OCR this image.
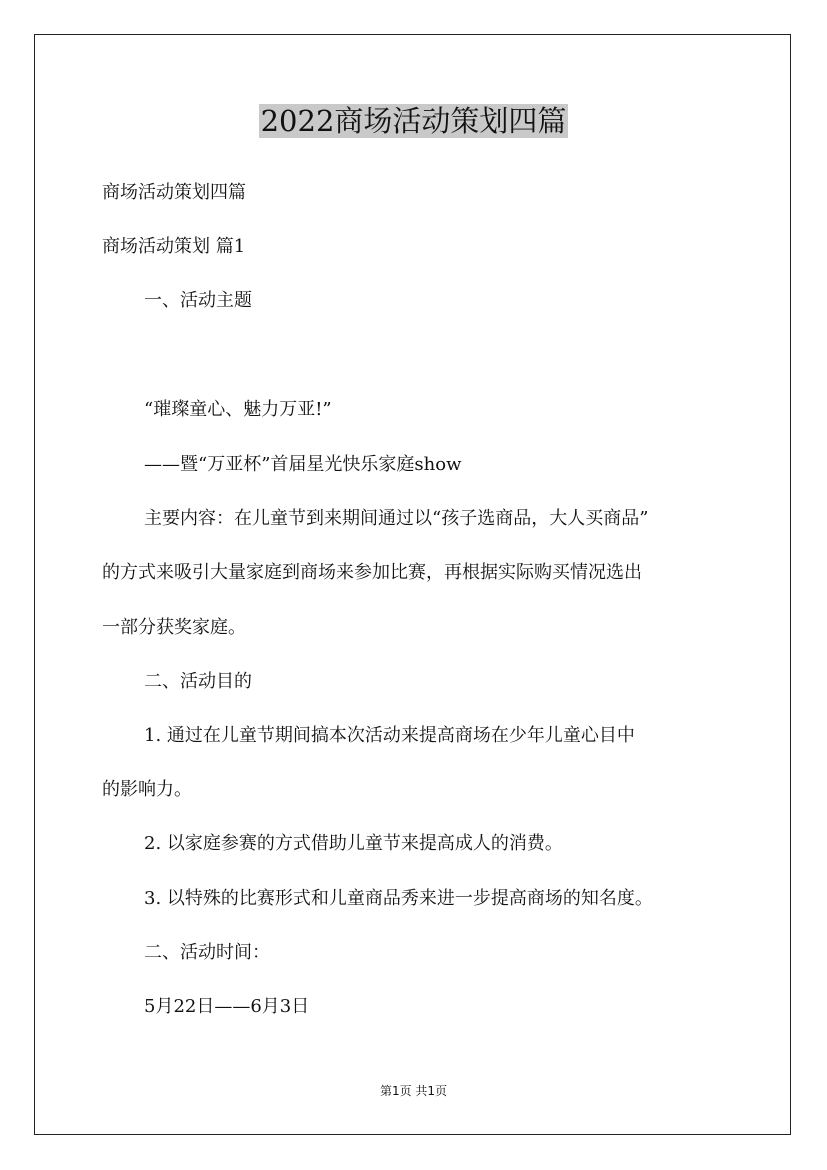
2022商场活动策划四篇

商场活动策划四篇

商场活动策划 篇1

一、活动主题

“璀璨童心、魅力万亚!”

——暨“万亚杯”首届星光快乐家庭show

主要内容：在儿童节到来期间通过以“孩子选商品，大人买商品”

的方式来吸引大量家庭到商场来参加比赛，再根据实际购买情况选出

一部分获奖家庭。

二、活动目的

1. 通过在儿童节期间搞本次活动来提高商场在少年儿童心目中

的影响力。

2. 以家庭参赛的方式借助儿童节来提高成人的消费。

3. 以特殊的比赛形式和儿童商品秀来进一步提高商场的知名度。

二、活动时间：

5月22日——6月3日

第1页 共1页
